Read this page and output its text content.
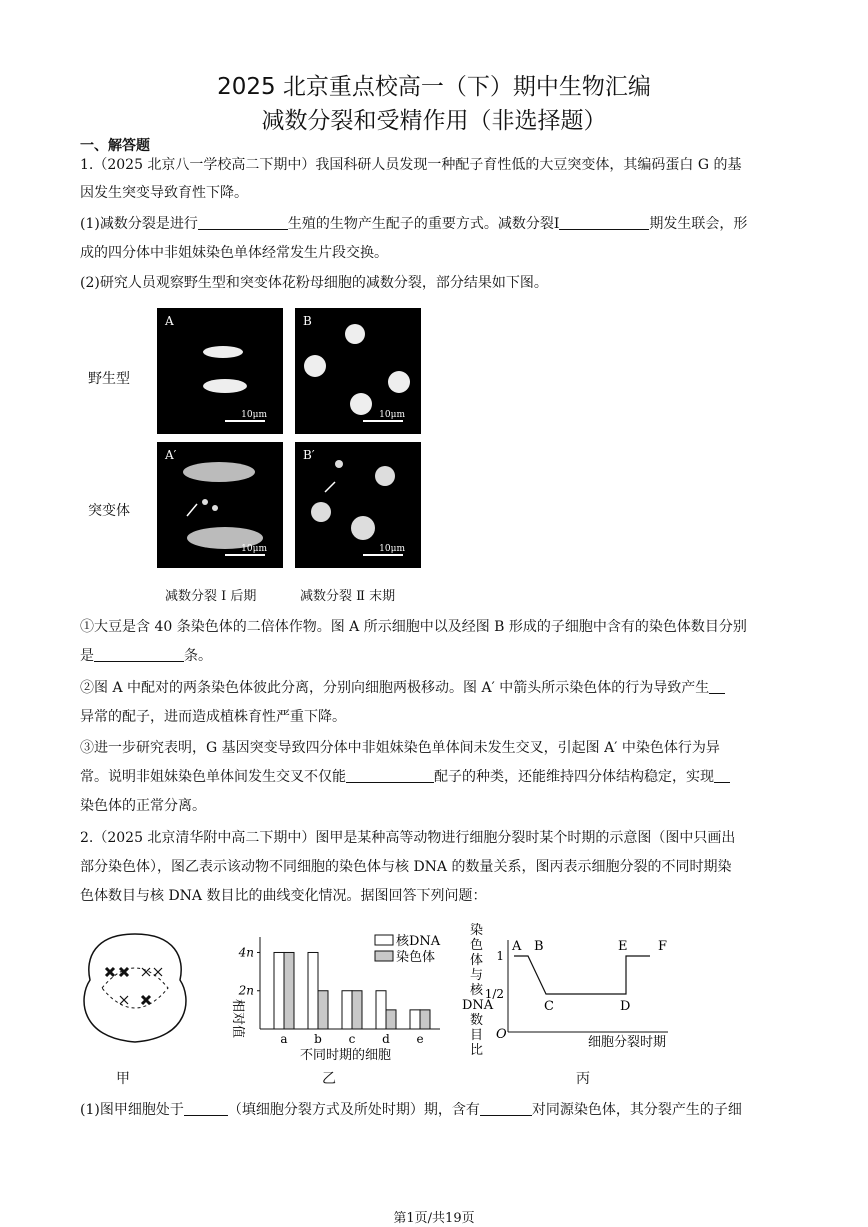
2025 北京重点校高一（下）期中生物汇编
减数分裂和受精作用（非选择题）
一、解答题
1.（2025 北京八一学校高二下期中）我国科研人员发现一种配子育性低的大豆突变体，其编码蛋白 G 的基
因发生突变导致育性下降。
(1)减数分裂是进行	生殖的生物产生配子的重要方式。减数分裂Ⅰ	期发生联会，形
成的四分体中非姐妹染色单体经常发生片段交换。
(2)研究人员观察野生型和突变体花粉母细胞的减数分裂，部分结果如下图。
野生型
突变体
A
10μm
B
10μm
A′
10μm
B′
10μm
减数分裂 Ⅰ 后期	减数分裂 Ⅱ 末期
①大豆是含 40 条染色体的二倍体作物。图 A 所示细胞中以及经图 B 形成的子细胞中含有的染色体数目分别
是	条。
②图 A 中配对的两条染色体彼此分离，分别向细胞两极移动。图 A′ 中箭头所示染色体的行为导致产生
异常的配子，进而造成植株育性严重下降。
③进一步研究表明，G 基因突变导致四分体中非姐妹染色单体间未发生交叉，引起图 A′ 中染色体行为异
常。说明非姐妹染色单体间发生交叉不仅能	配子的种类，还能维持四分体结构稳定，实现
染色体的正常分离。
2.（2025 北京清华附中高二下期中）图甲是某种高等动物进行细胞分裂时某个时期的示意图（图中只画出
部分染色体），图乙表示该动物不同细胞的染色体与核 DNA 的数量关系，图丙表示细胞分裂的不同时期染
色体数目与核 DNA 数目比的曲线变化情况。据图回答下列问题：
甲
相对值
2n
4n
a b c d e
不同时期的细胞
核DNA
染色体
乙
O
染
色
体
与
核
DNA
数
目
比
1
1/2
A B
C	D
E F
细胞分裂时期
丙
(1)图甲细胞处于	（填细胞分裂方式及所处时期）期，含有	对同源染色体，其分裂产生的子细
第1页/共19页
